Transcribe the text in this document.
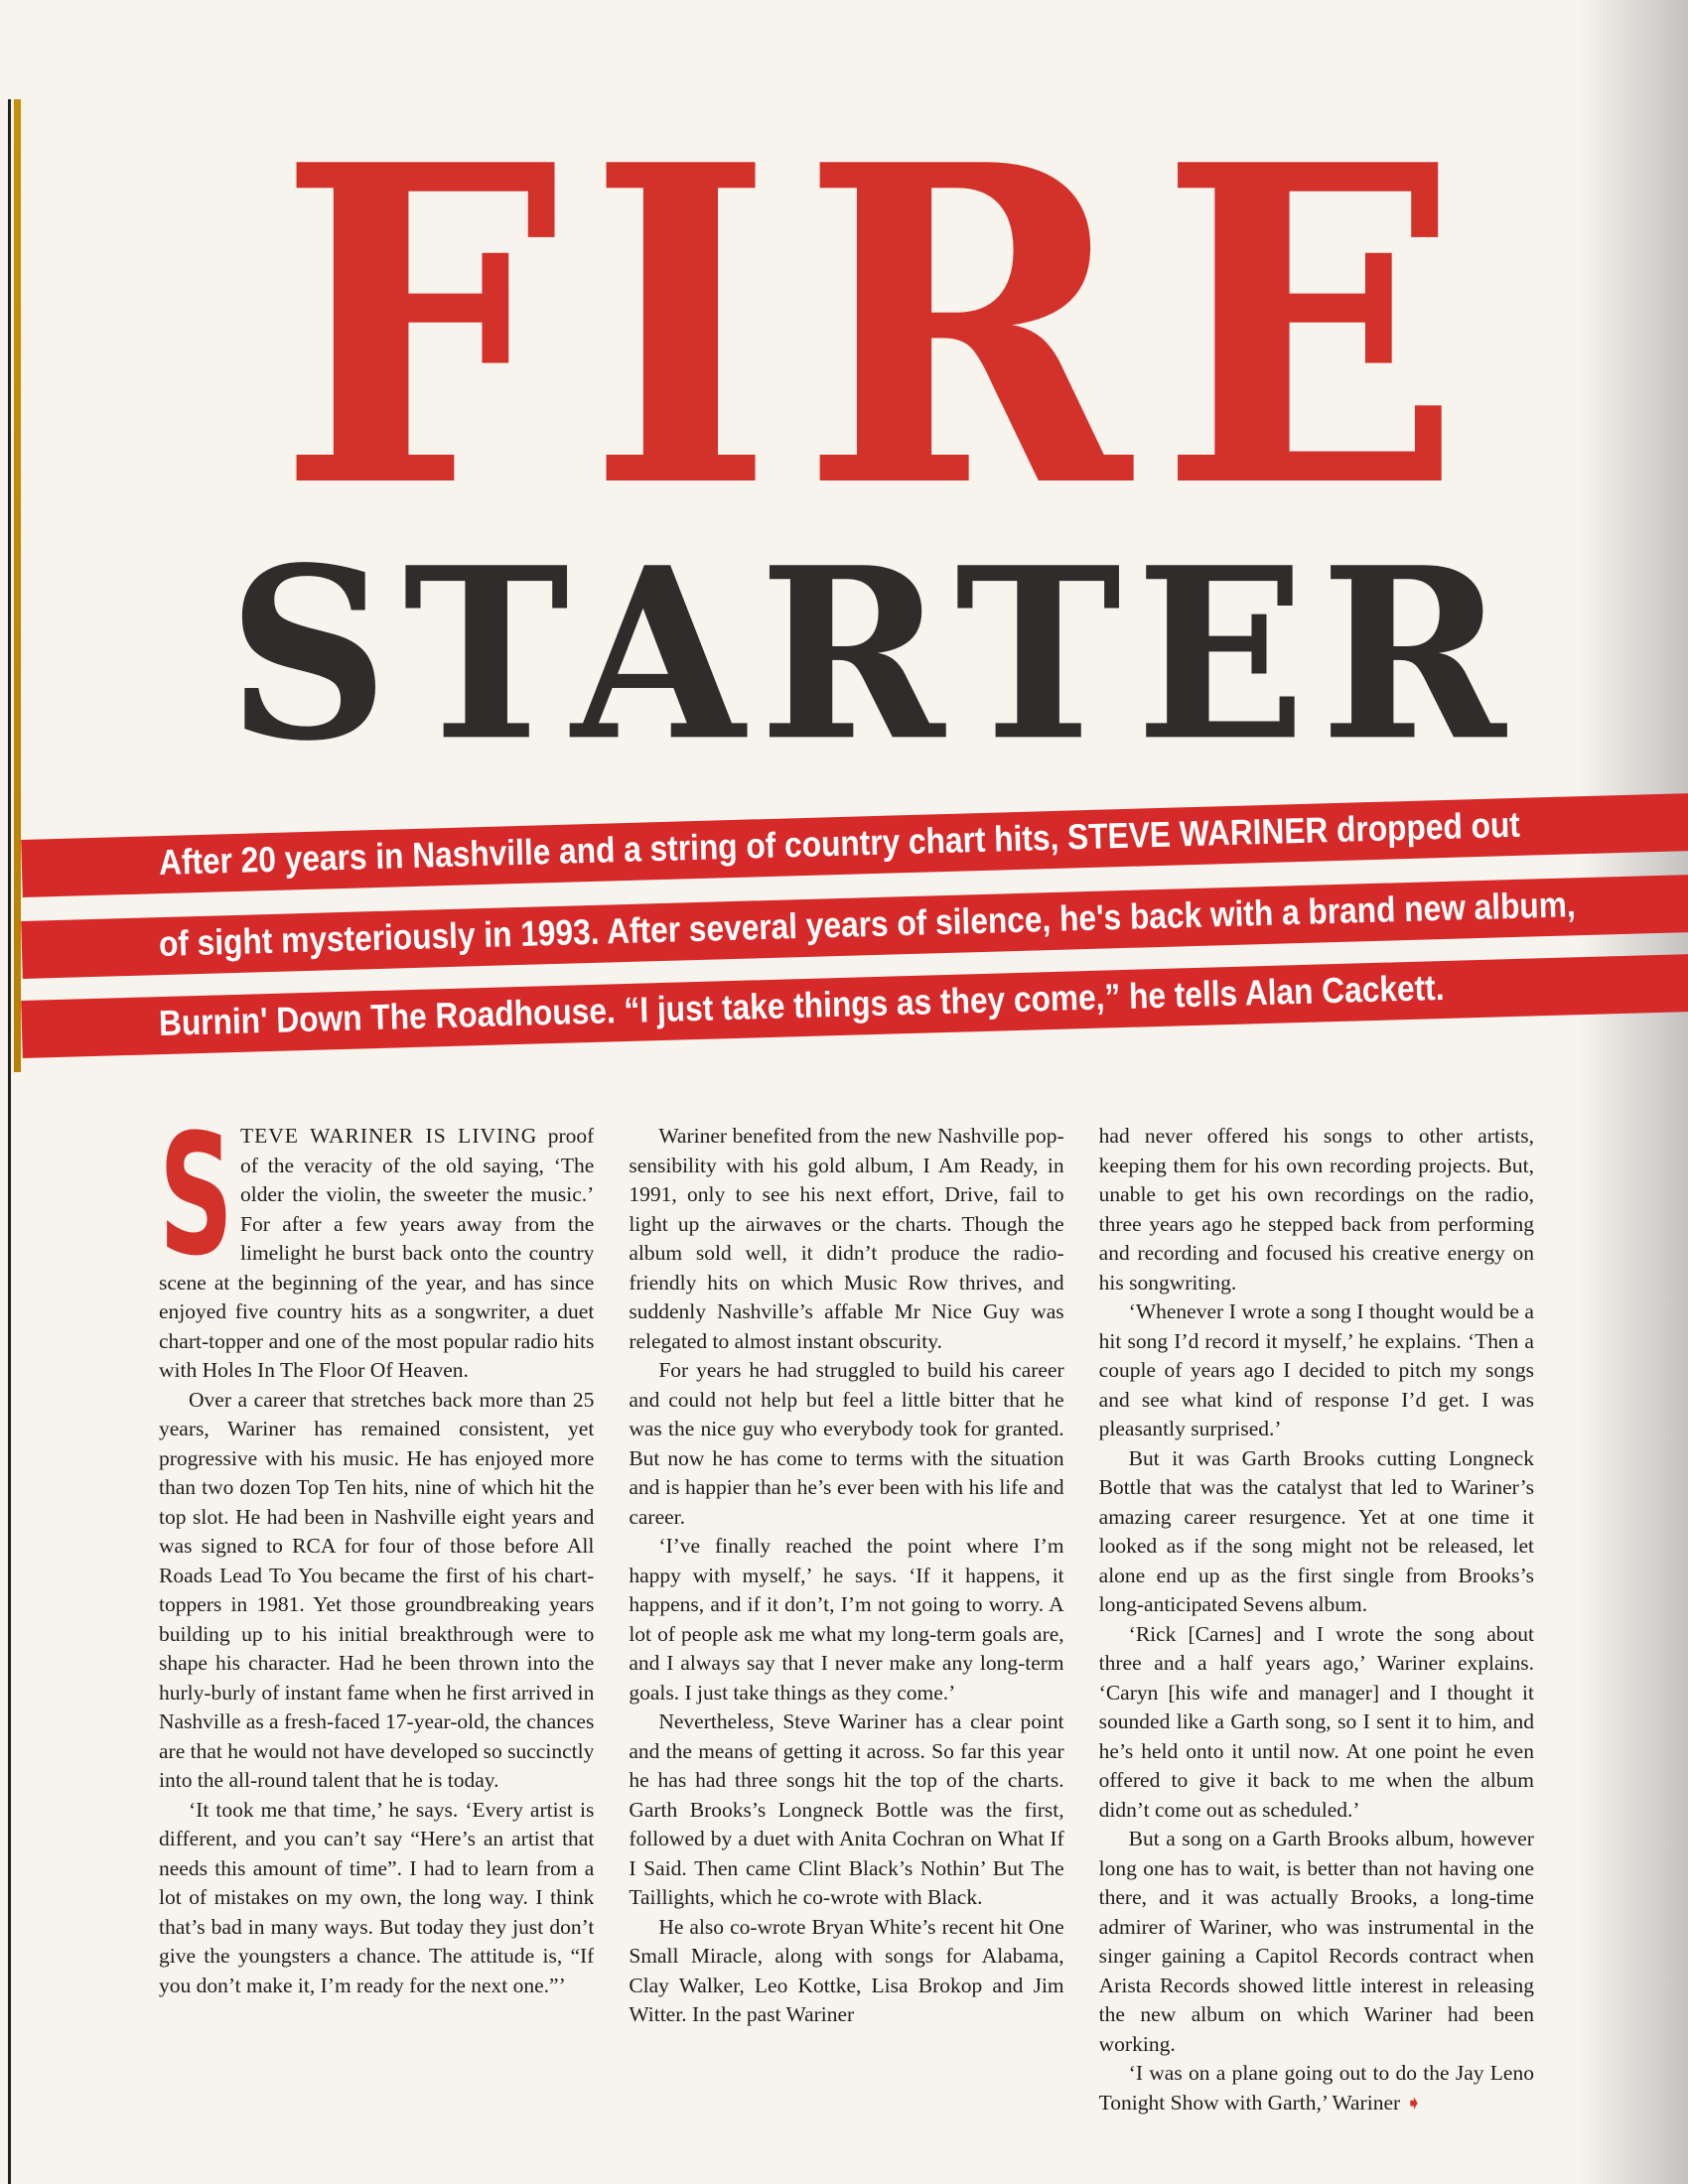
FIRE
STARTER
After 20 years in Nashville and a string of country chart hits, STEVE WARINER dropped out
of sight mysteriously in 1993. After several years of silence, he's back with a brand new album,
Burnin' Down The Roadhouse. “I just take things as they come,” he tells Alan Cackett.

STEVE WARINER IS LIVING proof of the veracity of the old saying, ‘The older the violin, the sweeter the music.’ For after a few years away from the limelight he burst back onto the country scene at the beginning of the year, and has since enjoyed five country hits as a songwriter, a duet chart-topper and one of the most popular radio hits with Holes In The Floor Of Heaven.

Over a career that stretches back more than 25 years, Wariner has remained consistent, yet progressive with his music. He has enjoyed more than two dozen Top Ten hits, nine of which hit the top slot. He had been in Nashville eight years and was signed to RCA for four of those before All Roads Lead To You became the first of his chart-toppers in 1981. Yet those groundbreaking years building up to his initial breakthrough were to shape his character. Had he been thrown into the hurly-burly of instant fame when he first arrived in Nashville as a fresh-faced 17-year-old, the chances are that he would not have developed so succinctly into the all-round talent that he is today.

‘It took me that time,’ he says. ‘Every artist is different, and you can’t say “Here’s an artist that needs this amount of time”. I had to learn from a lot of mistakes on my own, the long way. I think that’s bad in many ways. But today they just don’t give the youngsters a chance. The attitude is, “If you don’t make it, I’m ready for the next one.”’

Wariner benefited from the new Nashville pop-sensibility with his gold album, I Am Ready, in 1991, only to see his next effort, Drive, fail to light up the airwaves or the charts. Though the album sold well, it didn’t produce the radio-friendly hits on which Music Row thrives, and suddenly Nashville’s affable Mr Nice Guy was relegated to almost instant obscurity.

For years he had struggled to build his career and could not help but feel a little bitter that he was the nice guy who everybody took for granted. But now he has come to terms with the situation and is happier than he’s ever been with his life and career.

‘I’ve finally reached the point where I’m happy with myself,’ he says. ‘If it happens, it happens, and if it don’t, I’m not going to worry. A lot of people ask me what my long-term goals are, and I always say that I never make any long-term goals. I just take things as they come.’

Nevertheless, Steve Wariner has a clear point and the means of getting it across. So far this year he has had three songs hit the top of the charts. Garth Brooks’s Longneck Bottle was the first, followed by a duet with Anita Cochran on What If I Said. Then came Clint Black’s Nothin’ But The Taillights, which he co-wrote with Black.

He also co-wrote Bryan White’s recent hit One Small Miracle, along with songs for Alabama, Clay Walker, Leo Kottke, Lisa Brokop and Jim Witter. In the past Wariner

had never offered his songs to other artists, keeping them for his own recording projects. But, unable to get his own recordings on the radio, three years ago he stepped back from performing and recording and focused his creative energy on his songwriting.

‘Whenever I wrote a song I thought would be a hit song I’d record it myself,’ he explains. ‘Then a couple of years ago I decided to pitch my songs and see what kind of response I’d get. I was pleasantly surprised.’

But it was Garth Brooks cutting Longneck Bottle that was the catalyst that led to Wariner’s amazing career resurgence. Yet at one time it looked as if the song might not be released, let alone end up as the first single from Brooks’s long-anticipated Sevens album.

‘Rick [Carnes] and I wrote the song about three and a half years ago,’ Wariner explains. ‘Caryn [his wife and manager] and I thought it sounded like a Garth song, so I sent it to him, and he’s held onto it until now. At one point he even offered to give it back to me when the album didn’t come out as scheduled.’

But a song on a Garth Brooks album, however long one has to wait, is better than not having one there, and it was actually Brooks, a long-time admirer of Wariner, who was instrumental in the singer gaining a Capitol Records contract when Arista Records showed little interest in releasing the new album on which Wariner had been working.

‘I was on a plane going out to do the Jay Leno Tonight Show with Garth,’ Wariner ➧
